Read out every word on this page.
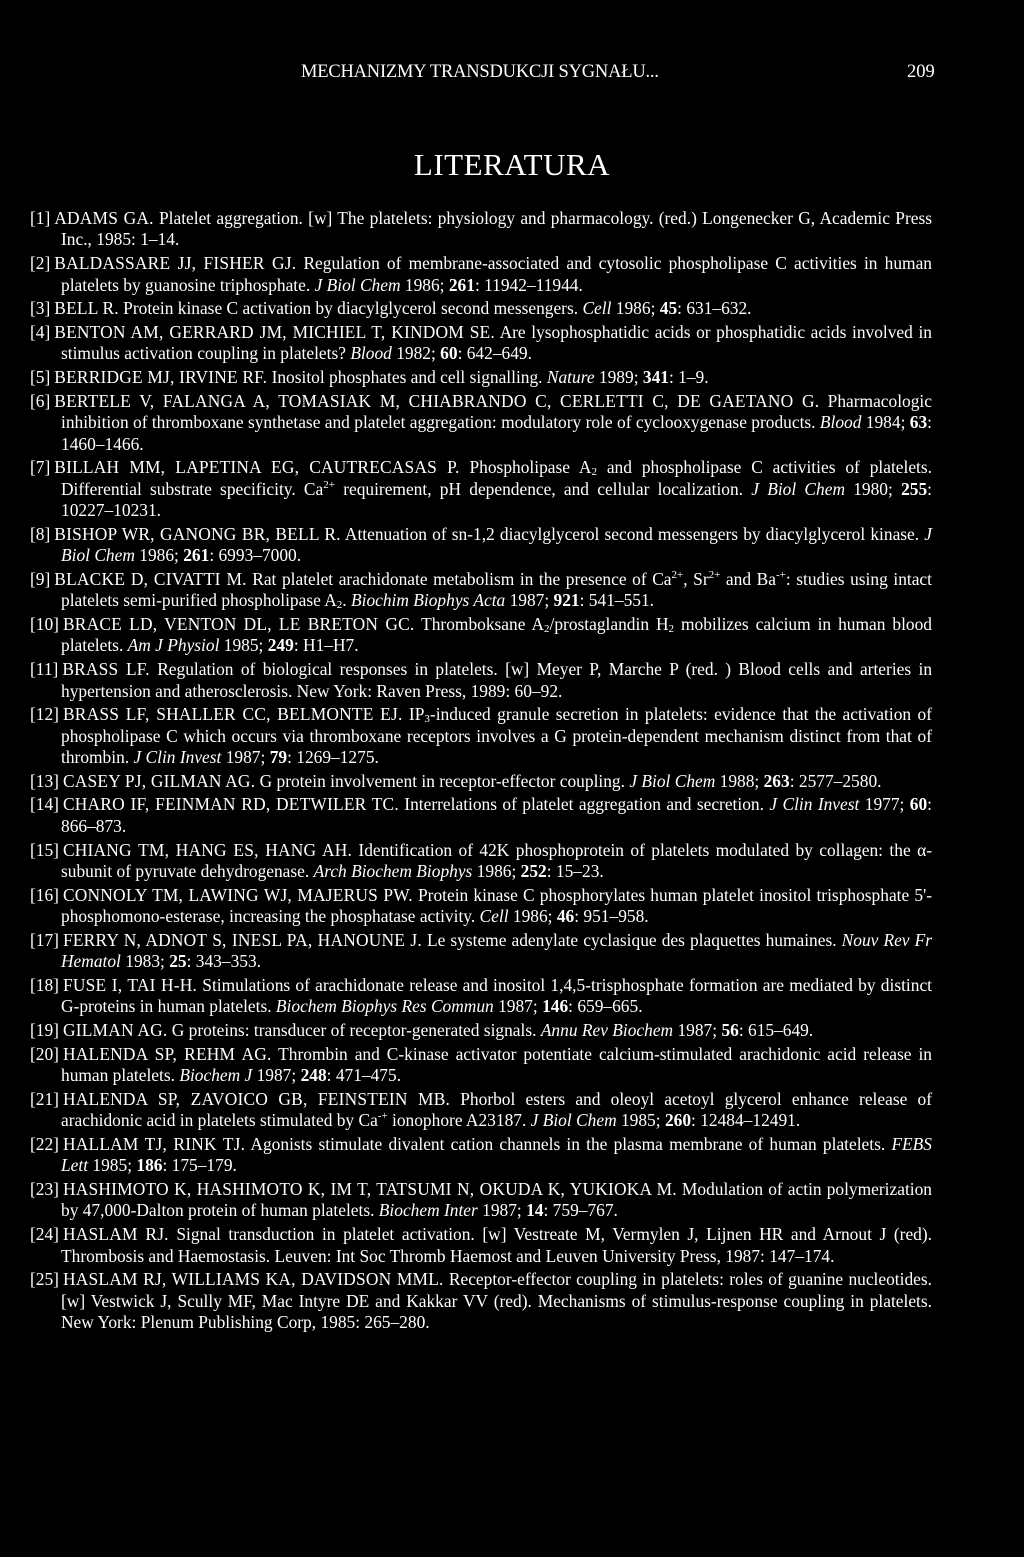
MECHANIZMY TRANSDUKCJI SYGNAŁU...	209
LITERATURA
[1] ADAMS GA. Platelet aggregation. [w] The platelets: physiology and pharmacology. (red.) Longenecker G, Academic Press Inc., 1985: 1–14.
[2] BALDASSARE JJ, FISHER GJ. Regulation of membrane-associated and cytosolic phospholipase C activities in human platelets by guanosine triphosphate. J Biol Chem 1986; 261: 11942–11944.
[3] BELL R. Protein kinase C activation by diacylglycerol second messengers. Cell 1986; 45: 631–632.
[4] BENTON AM, GERRARD JM, MICHIEL T, KINDOM SE. Are lysophosphatidic acids or phosphatidic acids involved in stimulus activation coupling in platelets? Blood 1982; 60: 642–649.
[5] BERRIDGE MJ, IRVINE RF. Inositol phosphates and cell signalling. Nature 1989; 341: 1–9.
[6] BERTELE V, FALANGA A, TOMASIAK M, CHIABRANDO C, CERLETTI C, DE GAETANO G. Pharmacologic inhibition of thromboxane synthetase and platelet aggregation: modulatory role of cyclooxygenase products. Blood 1984; 63: 1460–1466.
[7] BILLAH MM, LAPETINA EG, CAUTRECASAS P. Phospholipase $A_2$ and phospholipase C activities of platelets. Differential substrate specificity. $Ca^{2+}$ requirement, pH dependence, and cellular localization. J Biol Chem 1980; 255: 10227–10231.
[8] BISHOP WR, GANONG BR, BELL R. Attenuation of sn-1,2 diacylglycerol second messengers by diacylglycerol kinase. J Biol Chem 1986; 261: 6993–7000.
[9] BLACKE D, CIVATTI M. Rat platelet arachidonate metabolism in the presence of $Ca^{2+}$, $Sr^{2+}$ and Ba-+: studies using intact platelets semi-purified phospholipase $A_2$. Biochim Biophys Acta 1987; 921: 541–551.
[10] BRACE LD, VENTON DL, LE BRETON GC. Thromboksane $A_2$/prostaglandin $H_2$ mobilizes calcium in human blood platelets. Am J Physiol 1985; 249: H1–H7.
[11] BRASS LF. Regulation of biological responses in platelets. [w] Meyer P, Marche P (red. ) Blood cells and arteries in hypertension and atherosclerosis. New York: Raven Press, 1989: 60–92.
[12] BRASS LF, SHALLER CC, BELMONTE EJ. $IP_3$-induced granule secretion in platelets: evidence that the activation of phospholipase C which occurs via thromboxane receptors involves a G protein-dependent mechanism distinct from that of thrombin. J Clin Invest 1987; 79: 1269–1275.
[13] CASEY PJ, GILMAN AG. G protein involvement in receptor-effector coupling. J Biol Chem 1988; 263: 2577–2580.
[14] CHARO IF, FEINMAN RD, DETWILER TC. Interrelations of platelet aggregation and secretion. J Clin Invest 1977; 60: 866–873.
[15] CHIANG TM, HANG ES, HANG AH. Identification of 42K phosphoprotein of platelets modulated by collagen: the α-subunit of pyruvate dehydrogenase. Arch Biochem Biophys 1986; 252: 15–23.
[16] CONNOLY TM, LAWING WJ, MAJERUS PW. Protein kinase C phosphorylates human platelet inositol trisphosphate 5'-phosphomono-esterase, increasing the phosphatase activity. Cell 1986; 46: 951–958.
[17] FERRY N, ADNOT S, INESL PA, HANOUNE J. Le systeme adenylate cyclasique des plaquettes humaines. Nouv Rev Fr Hematol 1983; 25: 343–353.
[18] FUSE I, TAI H-H. Stimulations of arachidonate release and inositol 1,4,5-trisphosphate formation are mediated by distinct G-proteins in human platelets. Biochem Biophys Res Commun 1987; 146: 659–665.
[19] GILMAN AG. G proteins: transducer of receptor-generated signals. Annu Rev Biochem 1987; 56: 615–649.
[20] HALENDA SP, REHM AG. Thrombin and C-kinase activator potentiate calcium-stimulated arachidonic acid release in human platelets. Biochem J 1987; 248: 471–475.
[21] HALENDA SP, ZAVOICO GB, FEINSTEIN MB. Phorbol esters and oleoyl acetoyl glycerol enhance release of arachidonic acid in platelets stimulated by Ca-+ ionophore A23187. J Biol Chem 1985; 260: 12484–12491.
[22] HALLAM TJ, RINK TJ. Agonists stimulate divalent cation channels in the plasma membrane of human platelets. FEBS Lett 1985; 186: 175–179.
[23] HASHIMOTO K, HASHIMOTO K, IM T, TATSUMI N, OKUDA K, YUKIOKA M. Modulation of actin polymerization by 47,000-Dalton protein of human platelets. Biochem Inter 1987; 14: 759–767.
[24] HASLAM RJ. Signal transduction in platelet activation. [w] Vestreate M, Vermylen J, Lijnen HR and Arnout J (red). Thrombosis and Haemostasis. Leuven: Int Soc Thromb Haemost and Leuven University Press, 1987: 147–174.
[25] HASLAM RJ, WILLIAMS KA, DAVIDSON MML. Receptor-effector coupling in platelets: roles of guanine nucleotides. [w] Vestwick J, Scully MF, Mac Intyre DE and Kakkar VV (red). Mechanisms of stimulus-response coupling in platelets. New York: Plenum Publishing Corp, 1985: 265–280.
